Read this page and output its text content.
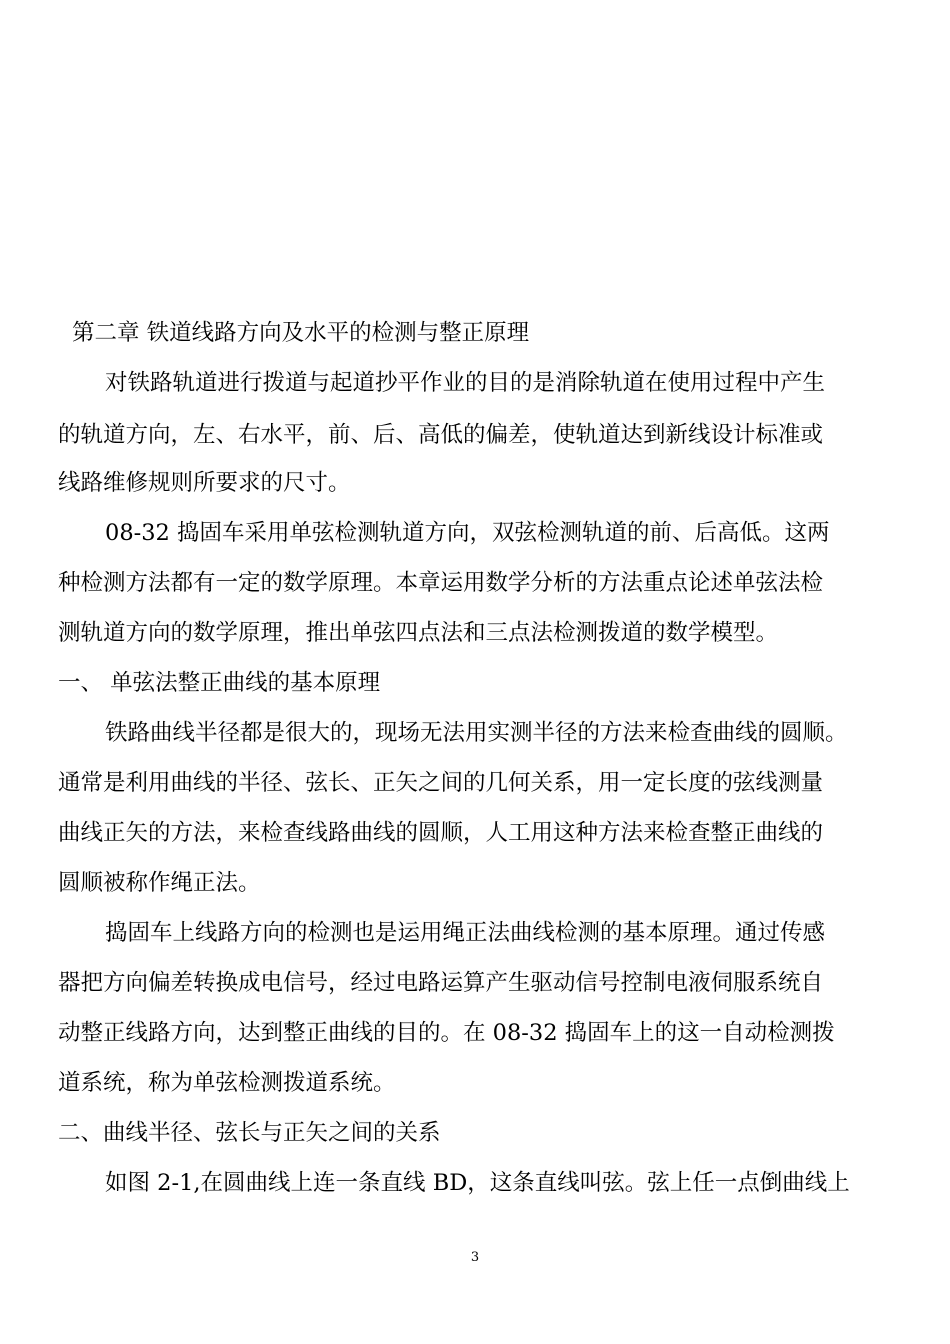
第二章 铁道线路方向及水平的检测与整正原理
对铁路轨道进行拨道与起道抄平作业的目的是消除轨道在使用过程中产生
的轨道方向，左、右水平，前、后、高低的偏差，使轨道达到新线设计标准或
线路维修规则所要求的尺寸。
08-32 捣固车采用单弦检测轨道方向，双弦检测轨道的前、后高低。这两
种检测方法都有一定的数学原理。本章运用数学分析的方法重点论述单弦法检
测轨道方向的数学原理，推出单弦四点法和三点法检测拨道的数学模型。
一、 单弦法整正曲线的基本原理
铁路曲线半径都是很大的，现场无法用实测半径的方法来检查曲线的圆顺。
通常是利用曲线的半径、弦长、正矢之间的几何关系，用一定长度的弦线测量
曲线正矢的方法，来检查线路曲线的圆顺，人工用这种方法来检查整正曲线的
圆顺被称作绳正法。
捣固车上线路方向的检测也是运用绳正法曲线检测的基本原理。通过传感
器把方向偏差转换成电信号，经过电路运算产生驱动信号控制电液伺服系统自
动整正线路方向，达到整正曲线的目的。在 08-32 捣固车上的这一自动检测拨
道系统，称为单弦检测拨道系统。
二、曲线半径、弦长与正矢之间的关系
如图 2-1,在圆曲线上连一条直线 BD，这条直线叫弦。弦上任一点倒曲线上
3
